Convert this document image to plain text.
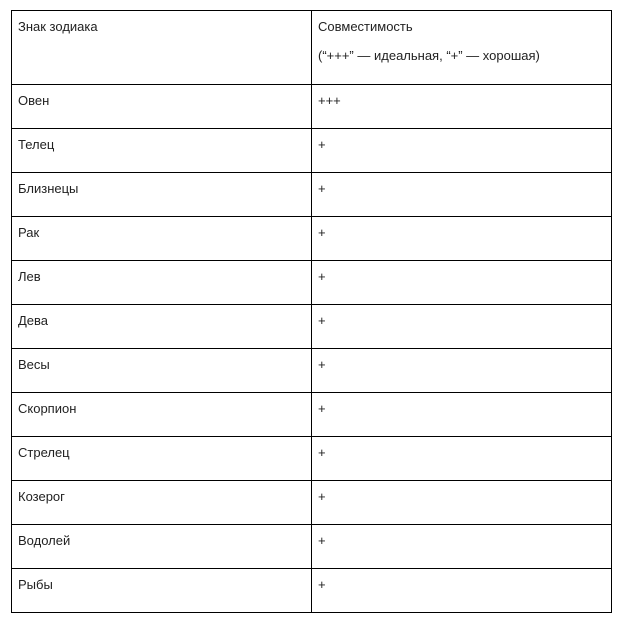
Знак зодиака	Совместимость
(“+++” — идеальная, “+” — хорошая)

Овен	+++
Телец	+
Близнецы	+
Рак	+
Лев	+
Дева	+
Весы	+
Скорпион	+
Стрелец	+
Козерог	+
Водолей	+
Рыбы	+
